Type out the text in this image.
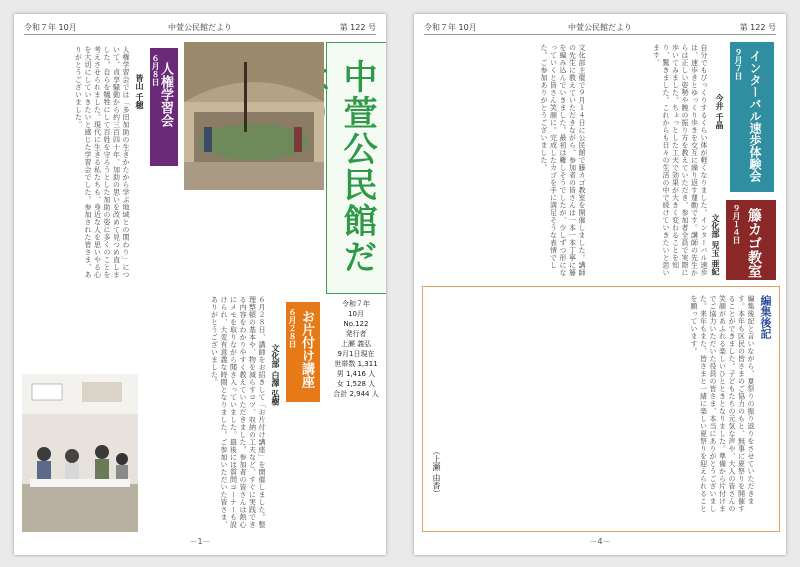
令和７年 10月	中萱公民館だより	第 122 号
中萱公民館だ
６月８日
人権学習会
皆山 千穂
人権学習会では「多田加助の生きかたから学ぶ地域との関わり」について、貞享騒動から約三百四十年、加助の思いを改めて見つめ直しました。自らを犠牲にして百姓を守ろうとした加助の姿に多くのことを考えさせられました。現代に生きる私たちも、身近な人を思いやる心を大切にしていきたいと感じた学習会でした。参加された皆さま、ありがとうございました。
令和７年
10月
No.122
発行者
上瀬 義弘
9月1日現在
世帯数 1,311
男 1,416 人
女 1,528 人
合計 2,944 人
６月２８日 お片付け講座
文化部 白澤 弘樹
６月２８日、講師をお招きして「お片付け講座」を開催しました。整理整頓の基本や、物を減らすコツ、収納の工夫など、すぐに実践できる内容をわかりやすく教えていただきました。参加者の皆さんは熱心にメモを取りながら聞き入っていました。最後には質問コーナーも設けられ、大変有意義な時間となりました。ご参加いただいた皆さま、ありがとうございました。
－1－
令和７年 10月	中萱公民館だより	第 122 号
９月７日 インターバル速歩体験会
今井 千晶
自分でもびっくりするくらい体が軽くなりました。インターバル速歩は、速歩きとゆっくり歩きを交互に繰り返す運動です。講師の先生からは正しい姿勢や腕の振り方を教えていただき、参加者全員で実際に歩いてみました。ちょっとした工夫で効果が大きく変わることを知り、驚きました。これからも日々の生活の中で続けていきたいと思います。
９月１４日 籐カゴ教室
文化部 児玉 亜紀
文化部主催で９月１４日に公民館で籐カゴ教室を開催しました。講師の先生に教えていただきながら、参加者の皆さんは一本一本丁寧に籐を編み込んでいきました。最初は難しそうでしたが、少しずつ形になっていくと皆さん笑顔に。完成したカゴを手に満足そうな表情でした。ご参加ありがとうございました。
編集後記
編集後記と言いながら、夏祭りの振り返りをさせていただきます。本年も区民の皆さまのご協力のもと、無事に夏祭りを開催することができました。子どもたちの元気な声や、大人の皆さんの笑顔があふれる楽しいひとときとなりました。準備から片付けまでご協力いただいた役員の皆さま、本当にありがとうございました。来年もまた、皆さまと一緒に楽しい夏祭りを迎えられることを願っています。
（上瀬 由香）
－4－
